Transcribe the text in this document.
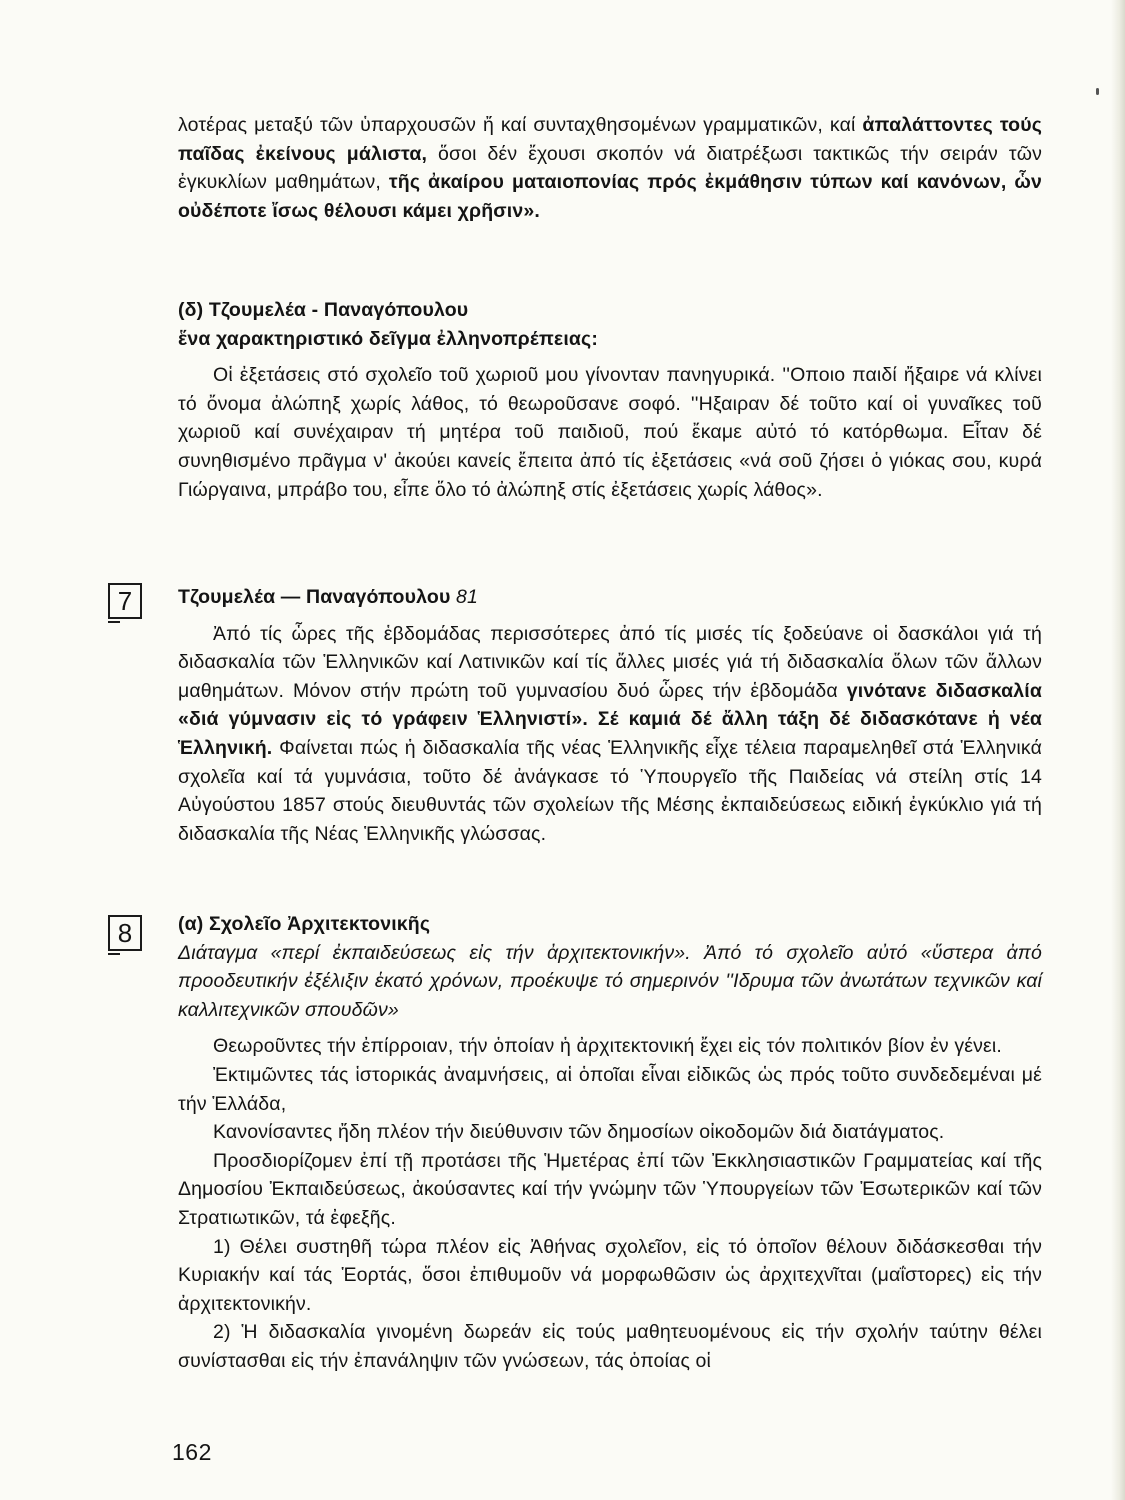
λοτέρας μεταξύ τῶν ὑπαρχουσῶν ἤ καί συνταχθησομένων γραμματικῶν, καί ἀπαλάττοντες τούς παῖδας ἐκείνους μάλιστα, ὅσοι δέν ἔχουσι σκοπόν νά διατρέξωσι τακτικῶς τήν σειράν τῶν ἐγκυκλίων μαθημάτων, τῆς ἀκαίρου ματαιοπονίας πρός ἐκμάθησιν τύπων καί κανόνων, ὧν οὐδέποτε ἴσως θέλουσι κάμει χρῆσιν».

(δ) Τζουμελέα - Παναγόπουλου
ἕνα χαρακτηριστικό δεῖγμα ἐλληνοπρέπειας:

Οἱ ἐξετάσεις στό σχολεῖο τοῦ χωριοῦ μου γίνονταν πανηγυρικά. ''Οποιο παιδί ἤξαιρε νά κλίνει τό ὄνομα ἀλώπηξ χωρίς λάθος, τό θεωροῦσανε σοφό. ''Ηξαιραν δέ τοῦτο καί οἱ γυναῖκες τοῦ χωριοῦ καί συνέχαιραν τή μητέρα τοῦ παιδιοῦ, πού ἔκαμε αὐτό τό κατόρθωμα. Εἶταν δέ συνηθισμένο πρᾶγμα ν' ἀκούει κανείς ἔπειτα ἀπό τίς ἐξετάσεις «νά σοῦ ζήσει ὁ γιόκας σου, κυρά Γιώργαινα, μπράβο του, εἶπε ὅλο τό ἀλώπηξ στίς ἐξετάσεις χωρίς λάθος».

7	Τζουμελέα — Παναγόπουλου 81

Ἀπό τίς ὧρες τῆς ἑβδομάδας περισσότερες ἀπό τίς μισές τίς ξοδεύανε οἱ δασκάλοι γιά τή διδασκαλία τῶν Ἑλληνικῶν καί Λατινικῶν καί τίς ἄλλες μισές γιά τή διδασκαλία ὅλων τῶν ἄλλων μαθημάτων. Μόνον στήν πρώτη τοῦ γυμνασίου δυό ὧρες τήν ἑβδομάδα γινότανε διδασκαλία «διά γύμνασιν εἰς τό γράφειν Ἑλληνιστί». Σέ καμιά δέ ἄλλη τάξη δέ διδασκότανε ἡ νέα Ἑλληνική. Φαίνεται πώς ἡ διδασκαλία τῆς νέας Ἑλληνικῆς εἶχε τέλεια παραμεληθεῖ στά Ἑλληνικά σχολεῖα καί τά γυμνάσια, τοῦτο δέ ἀνάγκασε τό Ὑπουργεῖο τῆς Παιδείας νά στείλη στίς 14 Αὐγούστου 1857 στούς διευθυντάς τῶν σχολείων τῆς Μέσης ἐκπαιδεύσεως ειδική ἐγκύκλιο γιά τή διδασκαλία τῆς Νέας Ἑλληνικῆς γλώσσας.

8	(α) Σχολεῖο Ἀρχιτεκτονικῆς

Διάταγμα «περί ἐκπαιδεύσεως εἰς τήν ἀρχιτεκτονικήν». Ἀπό τό σχολεῖο αὐτό «ὕστερα ἀπό προοδευτικήν ἐξέλιξιν ἑκατό χρόνων, προέκυψε τό σημερινόν ''Ιδρυμα τῶν ἀνωτάτων τεχνικῶν καί καλλιτεχνικῶν σπουδῶν»

Θεωροῦντες τήν ἐπίρροιαν, τήν ὁποίαν ἡ ἀρχιτεκτονική ἔχει εἰς τόν πολιτικόν βίον ἐν γένει.

Ἐκτιμῶντες τάς ἱστορικάς ἀναμνήσεις, αἱ ὁποῖαι εἶναι εἰδικῶς ὡς πρός τοῦτο συνδεδεμέναι μέ τήν Ἑλλάδα,

Κανονίσαντες ἤδη πλέον τήν διεύθυνσιν τῶν δημοσίων οἰκοδομῶν διά διατάγματος.

Προσδιορίζομεν ἐπί τῇ προτάσει τῆς Ἡμετέρας ἐπί τῶν Ἐκκλησιαστικῶν Γραμματείας καί τῆς Δημοσίου Ἐκπαιδεύσεως, ἀκούσαντες καί τήν γνώμην τῶν Ὑπουργείων τῶν Ἐσωτερικῶν καί τῶν Στρατιωτικῶν, τά ἐφεξῆς.

1) Θέλει συστηθῆ τώρα πλέον εἰς Ἀθήνας σχολεῖον, εἰς τό ὁποῖον θέλουν διδάσκεσθαι τήν Κυριακήν καί τάς Ἑορτάς, ὅσοι ἐπιθυμοῦν νά μορφωθῶσιν ὡς ἀρχιτεχνῖται (μαΐστορες) εἰς τήν ἀρχιτεκτονικήν.

2) Ἡ διδασκαλία γινομένη δωρεάν εἰς τούς μαθητευομένους εἰς τήν σχολήν ταύτην θέλει συνίστασθαι εἰς τήν ἐπανάληψιν τῶν γνώσεων, τάς ὁποίας οἱ

162
